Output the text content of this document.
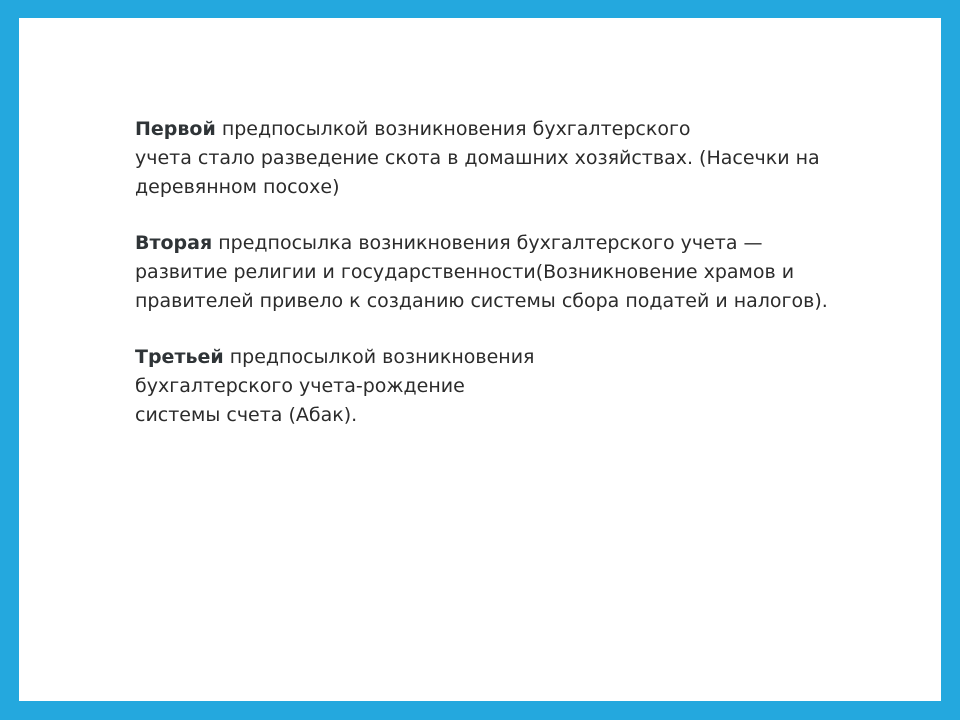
Первой предпосылкой возникновения бухгалтерского
учета стало разведение скота в домашних хозяйствах. (Насечки на
деревянном посохе)

Вторая предпосылка возникновения бухгалтерского учета —
развитие религии и государственности(Возникновение храмов и
правителей привело к созданию системы сбора податей и налогов).

Третьей предпосылкой возникновения
бухгалтерского учета-рождение
системы счета (Абак).
